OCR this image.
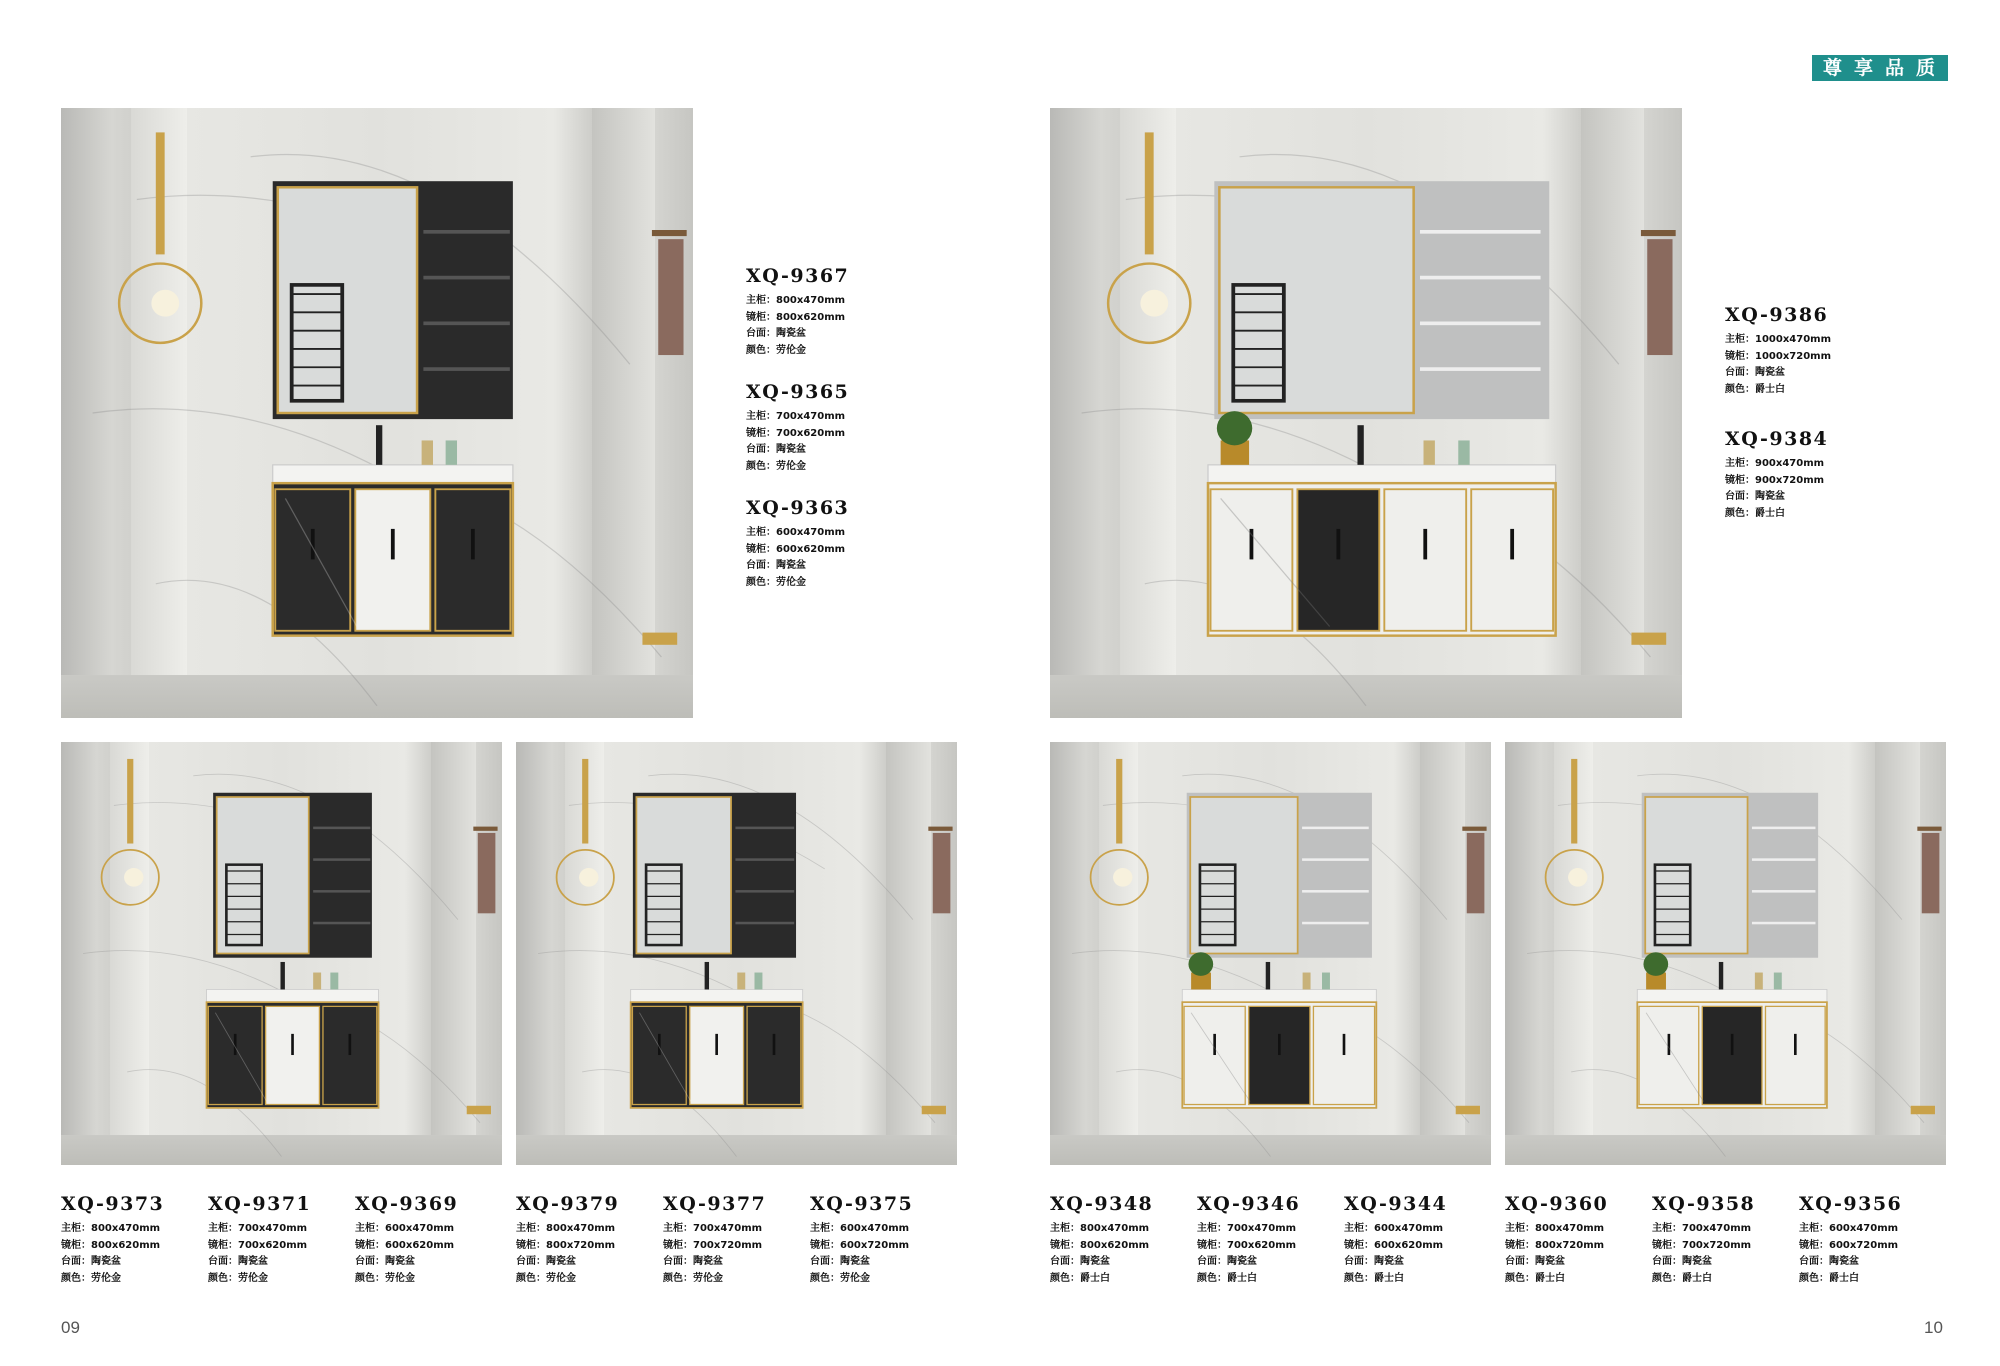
尊享品质
XQ-9367
主柜：800x470mm
镜柜：800x620mm
台面：陶瓷盆
颜色：劳伦金
XQ-9365
主柜：700x470mm
镜柜：700x620mm
台面：陶瓷盆
颜色：劳伦金
XQ-9363
主柜：600x470mm
镜柜：600x620mm
台面：陶瓷盆
颜色：劳伦金
XQ-9386
主柜：1000x470mm
镜柜：1000x720mm
台面：陶瓷盆
颜色：爵士白
XQ-9384
主柜：900x470mm
镜柜：900x720mm
台面：陶瓷盆
颜色：爵士白
XQ-9373
主柜：800x470mm
镜柜：800x620mm
台面：陶瓷盆
颜色：劳伦金
XQ-9371
主柜：700x470mm
镜柜：700x620mm
台面：陶瓷盆
颜色：劳伦金
XQ-9369
主柜：600x470mm
镜柜：600x620mm
台面：陶瓷盆
颜色：劳伦金
XQ-9379
主柜：800x470mm
镜柜：800x720mm
台面：陶瓷盆
颜色：劳伦金
XQ-9377
主柜：700x470mm
镜柜：700x720mm
台面：陶瓷盆
颜色：劳伦金
XQ-9375
主柜：600x470mm
镜柜：600x720mm
台面：陶瓷盆
颜色：劳伦金
XQ-9348
主柜：800x470mm
镜柜：800x620mm
台面：陶瓷盆
颜色：爵士白
XQ-9346
主柜：700x470mm
镜柜：700x620mm
台面：陶瓷盆
颜色：爵士白
XQ-9344
主柜：600x470mm
镜柜：600x620mm
台面：陶瓷盆
颜色：爵士白
XQ-9360
主柜：800x470mm
镜柜：800x720mm
台面：陶瓷盆
颜色：爵士白
XQ-9358
主柜：700x470mm
镜柜：700x720mm
台面：陶瓷盆
颜色：爵士白
XQ-9356
主柜：600x470mm
镜柜：600x720mm
台面：陶瓷盆
颜色：爵士白
09	10
